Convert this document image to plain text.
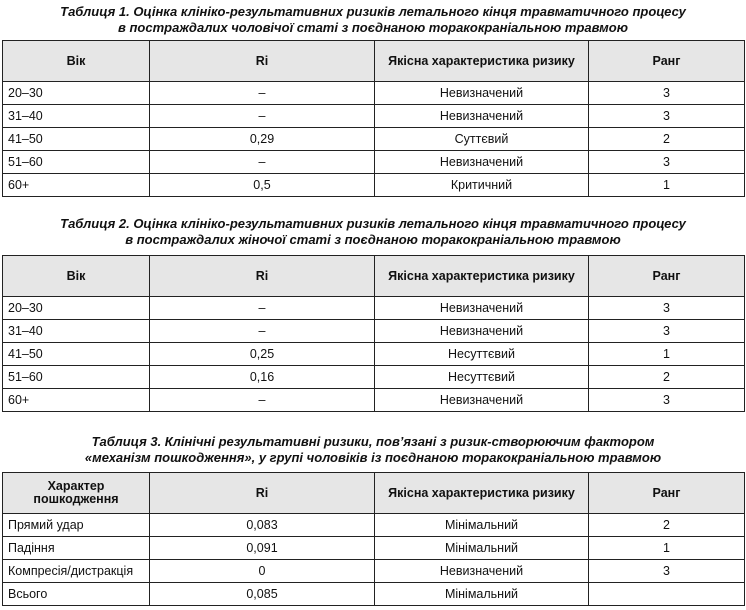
Таблиця 1. Оцінка клініко-результативних ризиків летального кінця травматичного процесу
в постраждалих чоловічої статі з поєднаною торакокраніальною травмою
Вік	Ri	Якісна характеристика ризику	Ранг
20–30	–	Невизначений	3
31–40	–	Невизначений	3
41–50	0,29	Суттєвий	2
51–60	–	Невизначений	3
60+	0,5	Критичний	1
Таблиця 2. Оцінка клініко-результативних ризиків летального кінця травматичного процесу
в постраждалих жіночої статі з поєднаною торакокраніальною травмою
Вік	Ri	Якісна характеристика ризику	Ранг
20–30	–	Невизначений	3
31–40	–	Невизначений	3
41–50	0,25	Несуттєвий	1
51–60	0,16	Несуттєвий	2
60+	–	Невизначений	3
Таблиця 3. Клінічні результативні ризики, пов’язані з ризик-створюючим фактором
«механізм пошкодження», у групі чоловіків із поєднаною торакокраніальною травмою
Характер пошкодження	Ri	Якісна характеристика ризику	Ранг
Прямий удар	0,083	Мінімальний	2
Падіння	0,091	Мінімальний	1
Компресія/дистракція	0	Невизначений	3
Всього	0,085	Мінімальний	
